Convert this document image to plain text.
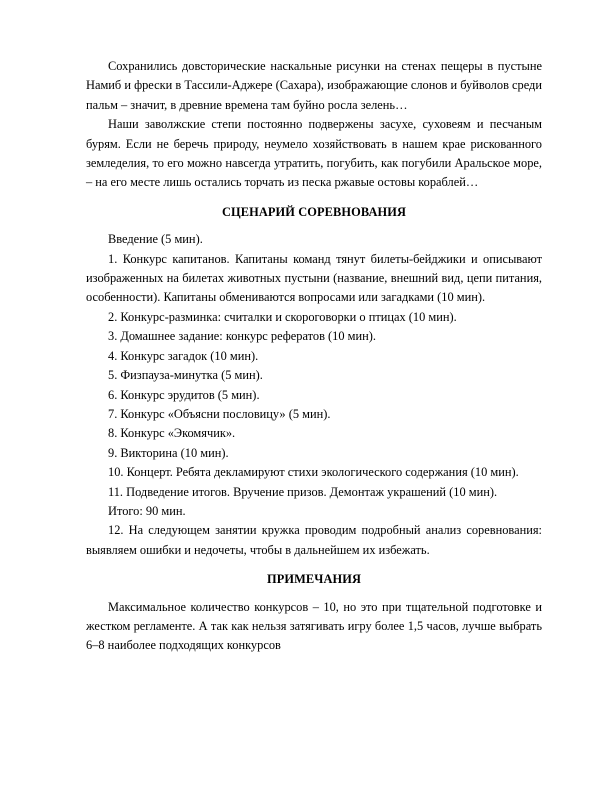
Сохранились довсторические наскальные рисунки на стенах пещеры в пустыне Намиб и фрески в Тассили-Аджере (Сахара), изображающие слонов и буйволов среди пальм – значит, в древние времена там буйно росла зелень…

Наши заволжские степи постоянно подвержены засухе, суховеям и песчаным бурям. Если не беречь природу, неумело хозяйствовать в нашем крае рискованного земледелия, то его можно навсегда утратить, погубить, как погубили Аральское море, – на его месте лишь остались торчать из песка ржавые остовы кораблей…

СЦЕНАРИЙ СОРЕВНОВАНИЯ

Введение (5 мин).

1. Конкурс капитанов. Капитаны команд тянут билеты-бейджики и описывают изображенных на билетах животных пустыни (название, внешний вид, цепи питания, особенности). Капитаны обмениваются вопросами или загадками (10 мин).

2. Конкурс-разминка: считалки и скороговорки о птицах (10 мин).

3. Домашнее задание: конкурс рефератов (10 мин).

4. Конкурс загадок (10 мин).

5. Физпауза-минутка (5 мин).

6. Конкурс эрудитов (5 мин).

7. Конкурс «Объясни пословицу» (5 мин).

8. Конкурс «Экомячик».

9. Викторина (10 мин).

10. Концерт. Ребята декламируют стихи экологического содержания (10 мин).

11. Подведение итогов. Вручение призов. Демонтаж украшений (10 мин).

Итого: 90 мин.

12. На следующем занятии кружка проводим подробный анализ соревнования: выявляем ошибки и недочеты, чтобы в дальнейшем их избежать.

ПРИМЕЧАНИЯ

Максимальное количество конкурсов – 10, но это при тщательной подготовке и жестком регламенте. А так как нельзя затягивать игру более 1,5 часов, лучше выбрать 6–8 наиболее подходящих конкурсов
